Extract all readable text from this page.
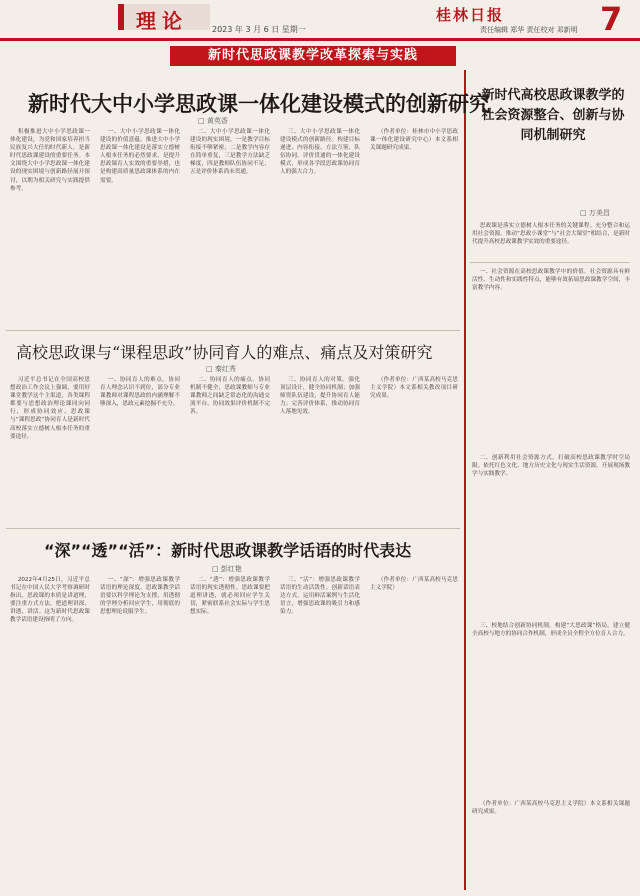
理论	2023 年 3 月 6 日 星期一
桂林日报
责任编辑 郑华 责任校对 邓新明 7
新时代思政课教学改革探索与实践
新时代大中小学思政课一体化建设模式的创新研究
□ 黄英香

积极推进大中小学思政课一体化建设，为党和国家培养担当民族复兴大任的时代新人，是新时代思政课建设的重要任务。本文围绕大中小学思政课一体化建设的现实困境与创新路径展开探讨，以期为相关研究与实践提供参考。

一、大中小学思政课一体化建设的价值意蕴。推进大中小学思政课一体化建设是落实立德树人根本任务的必然要求，是提升思政课育人实效的重要举措，也是构建高质量思政课体系的内在需要。

二、大中小学思政课一体化建设的现实困境。一是教学目标衔接不够紧密，二是教学内容存在简单重复，三是教学方法缺乏梯度，四是教师队伍协同不足，五是评价体系尚未贯通。

三、大中小学思政课一体化建设模式的创新路径。构建目标递进、内容衔接、方法互鉴、队伍协同、评价贯通的一体化建设模式，形成各学段思政课协同育人的强大合力。

（作者单位：桂林市中小学思政课一体化建设研究中心）本文系相关课题研究成果。

高校思政课与“课程思政”协同育人的难点、痛点及对策研究
□ 秦红秀

习近平总书记在全国高校思想政治工作会议上强调，要用好课堂教学这个主渠道，各类课程都要与思想政治理论课同向同行，形成协同效应。思政课与“课程思政”协同育人是新时代高校落实立德树人根本任务的重要途径。

一、协同育人的难点。协同育人理念认识不到位，部分专业课教师对课程思政的内涵理解不够深入，思政元素挖掘不充分。

二、协同育人的痛点。协同机制不健全，思政课教师与专业课教师之间缺乏常态化的沟通交流平台，协同效果评价机制不完善。

三、协同育人的对策。强化顶层设计，健全协同机制；加强师资队伍建设，提升协同育人能力；完善评价体系，推动协同育人落地见效。

（作者单位：广西某高校马克思主义学院）本文系相关教改项目研究成果。

“深”“透”“活”：新时代思政课教学话语的时代表达
□ 彭红艳

2022年4月25日，习近平总书记在中国人民大学考察调研时指出，思政课的本质是讲道理，要注重方式方法，把道理讲深、讲透、讲活。这为新时代思政课教学话语建设指明了方向。

一、“深”：增强思政课教学话语的理论深度。思政课教学话语要以科学理论为支撑，用透彻的学理分析回应学生，用彻底的思想理论说服学生。

二、“透”：增强思政课教学话语的现实透彻性。思政课要把道理讲透，就必须回应学生关切，紧密联系社会实际与学生思想实际。

三、“活”：增强思政课教学话语的生动活泼性。创新话语表达方式，运用鲜活案例与生活化语言，增强思政课的吸引力和感染力。

（作者单位：广西某高校马克思主义学院）

新时代高校思政课教学的社会资源整合、创新与协同机制研究
□ 万美昌

思政课是落实立德树人根本任务的关键课程。充分整合和运用社会资源，推动“思政小课堂”与“社会大课堂”相结合，是新时代提升高校思政课教学实效的重要途径。

一、社会资源在高校思政课教学中的价值。社会资源具有鲜活性、生动性和实践性特点，能够有效拓展思政课教学空间，丰富教学内容。

二、创新利用社会资源方式，打破高校思政课教学时空局限。依托红色文化、地方历史文化与现实生活资源，开展现场教学与实践教学。

三、校地结合创新协同机制，构建“大思政课”格局。建立健全高校与地方的协同合作机制，形成全员全程全方位育人合力。

（作者单位：广西某高校马克思主义学院）本文系相关课题研究成果。
